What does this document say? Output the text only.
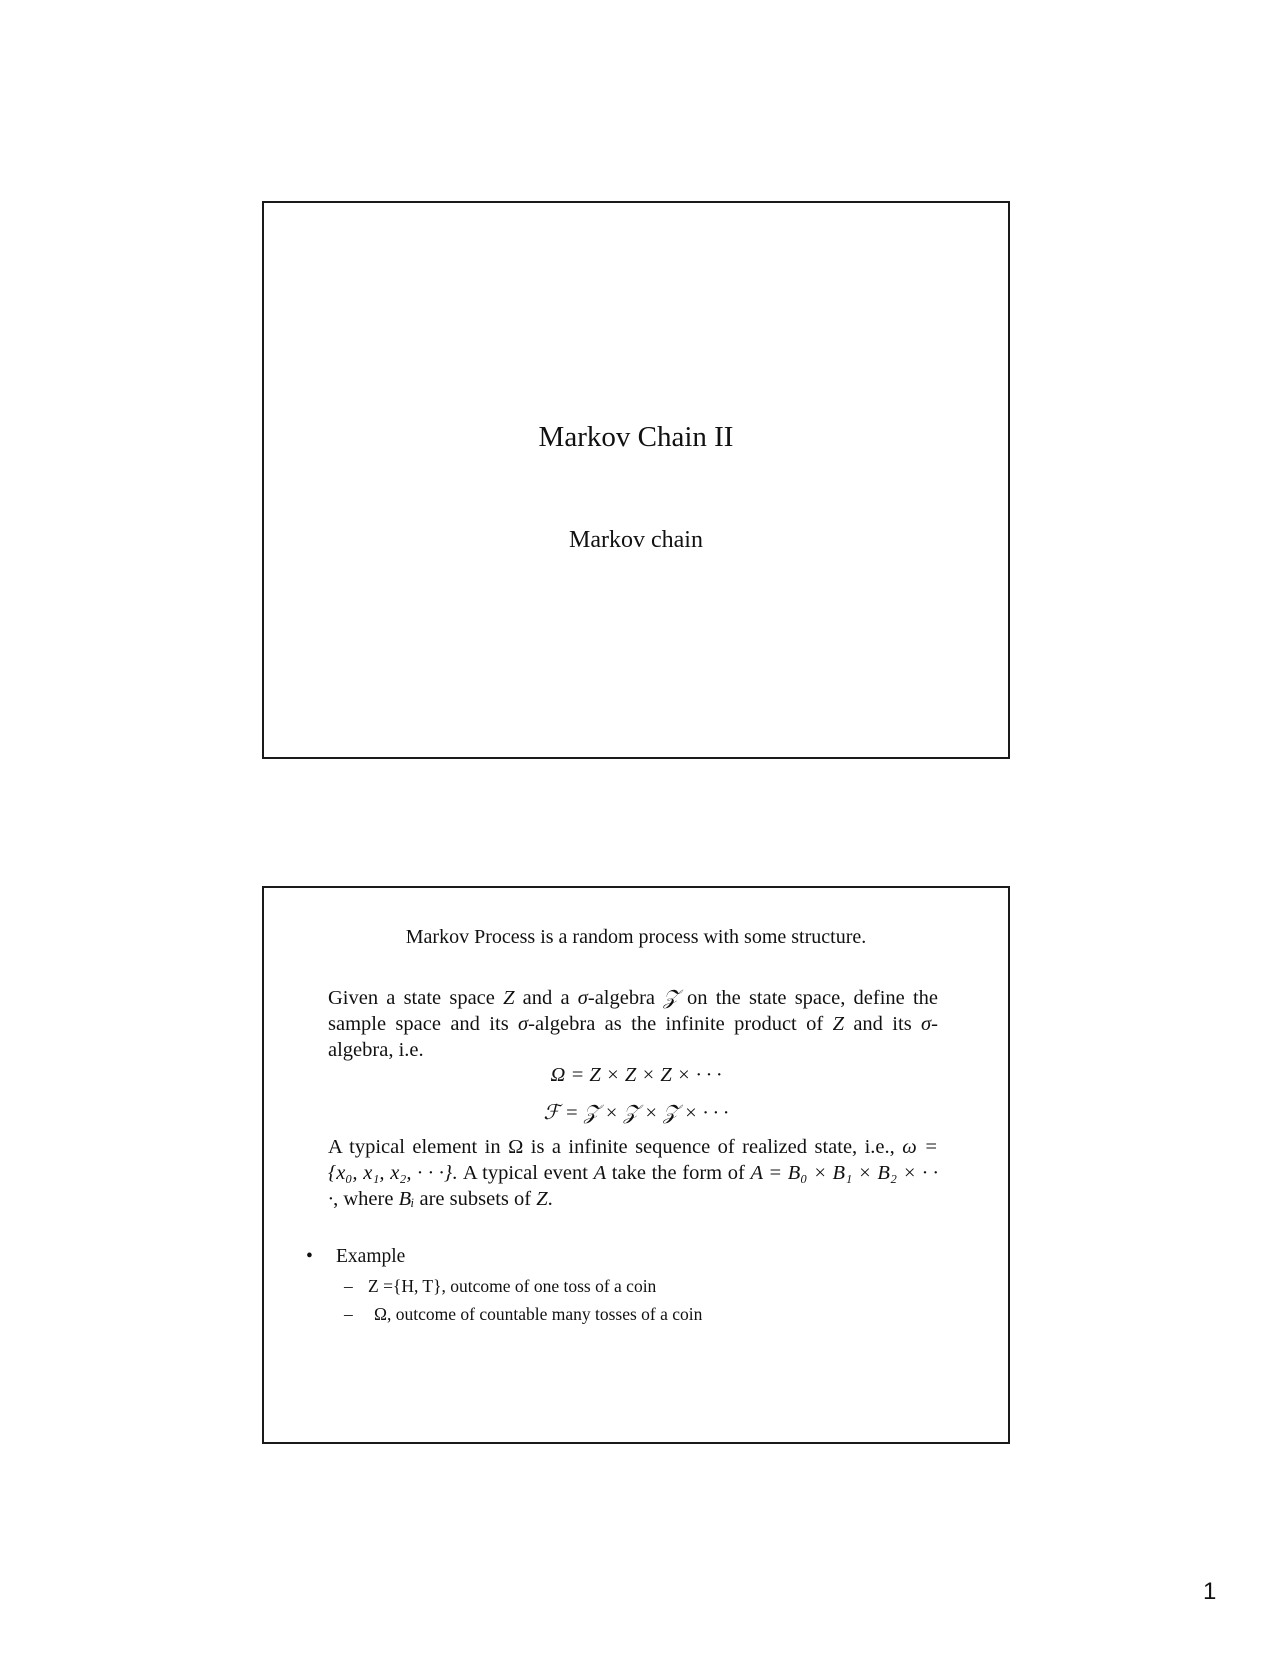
Markov Chain II
Markov chain
Markov Process is a random process with some structure.
Given a state space Z and a σ-algebra 𝒵 on the state space, define the sample space and its σ-algebra as the infinite product of Z and its σ-algebra, i.e.
Ω = Z × Z × Z × · · ·
ℱ = 𝒵 × 𝒵 × 𝒵 × · · ·
A typical element in Ω is a infinite sequence of realized state, i.e., ω = {x₀, x₁, x₂, · · ·}. A typical event A take the form of A = B₀ × B₁ × B₂ × · · ·, where Bᵢ are subsets of Z.
• Example
– Z ={H, T}, outcome of one toss of a coin
– Ω, outcome of countable many tosses of a coin
1
